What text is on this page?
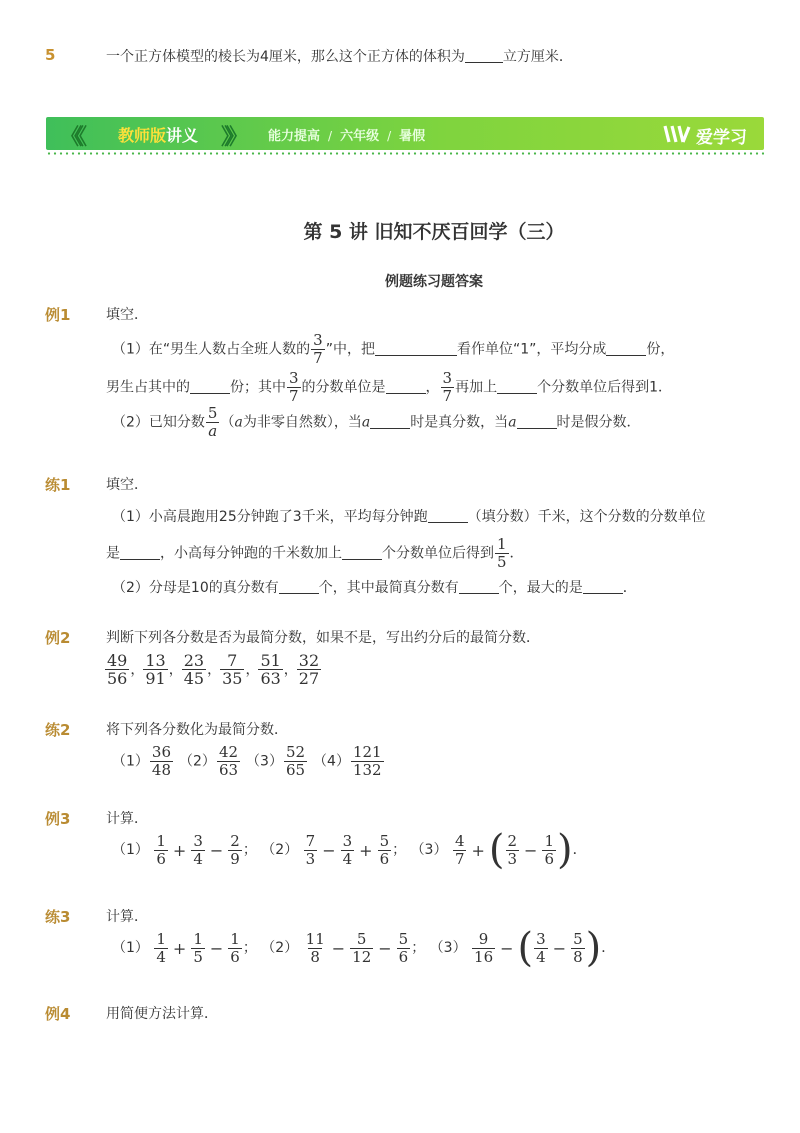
5	一个正方体模型的棱长为4厘米，那么这个正方体的体积为	立方厘米．
《《 教师版讲义 》》 能力提高 / 六年级 / 暑假	爱学习
第 5 讲 旧知不厌百回学（三）
例题练习题答案
例1	填空．
（1）在“男生人数占全班人数的 $\frac{3}{7}$ ”中，把	看作单位“1”，平均分成	份，
男生占其中的	份；其中 $\frac{3}{7}$ 的分数单位是	， $\frac{3}{7}$ 再加上	个分数单位后得到1．
（2）已知分数 $\frac{5}{a} (a$为非零自然数），当a	时是真分数，当a	时是假分数．
练1	填空．
（1）小高晨跑用25分钟跑了3千米，平均每分钟跑	（填分数）千米，这个分数的分数单位
是	，小高每分钟跑的千米数加上	个分数单位后得到 $\frac{1}{5}$ ．
（2）分母是10的真分数有	个，其中最简真分数有	个，最大的是	．
例2	判断下列各分数是否为最简分数，如果不是，写出约分后的最简分数．
$\frac{49}{56}$ ， $\frac{13}{91}$ ， $\frac{23}{45}$ ， $\frac{7}{35}$ ， $\frac{51}{63}$ ， $\frac{32}{27}$
练2	将下列各分数化为最简分数．
$(1) \frac{36}{48} (2) \frac{42}{63} (3) \frac{52}{65} (4) \frac{121}{132}$
例3	计算．
$(1) \frac{1}{6} + \frac{3}{4} - \frac{2}{9}$ ； $(2) \frac{7}{3} - \frac{3}{4} + \frac{5}{6}$ ； $(3) \frac{4}{7}$ + ( $\frac{2}{3} - \frac{1}{6}$ )．
练3	计算．
$(1) \frac{1}{4} + \frac{1}{5} - \frac{1}{6}$ ； $(2) \frac{11}{8} - \frac{5}{12} - \frac{5}{6}$ ； $(3) \frac{9}{16}$ − ( $\frac{3}{4} - \frac{5}{8}$ )．
例4	用简便方法计算．
